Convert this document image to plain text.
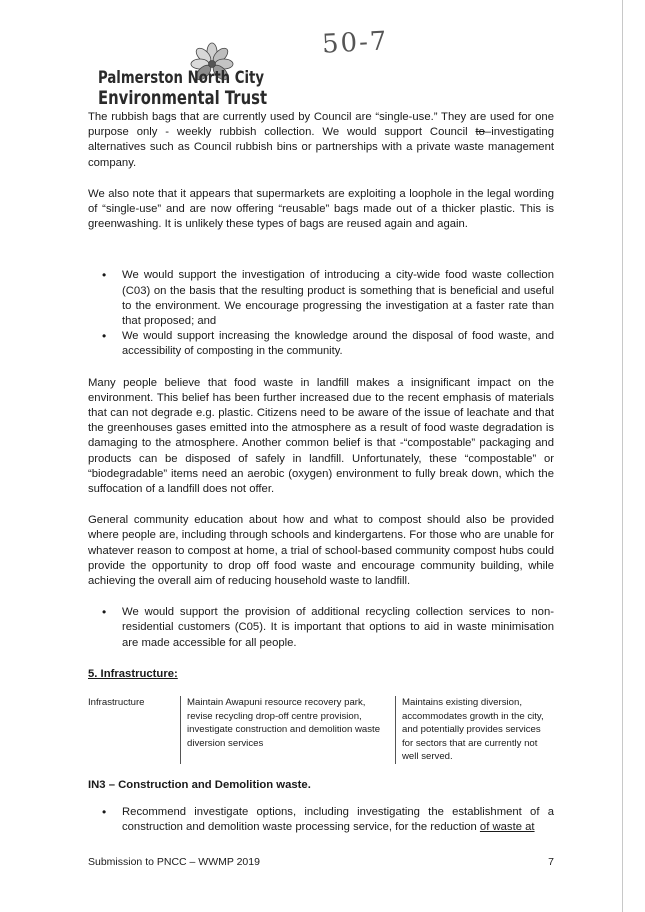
50-7
Palmerston North City
Environmental Trust

The rubbish bags that are currently used by Council are “single-use.” They are used for one purpose only - weekly rubbish collection. We would support Council to–investigating alternatives such as Council rubbish bins or partnerships with a private waste management company.

We also note that it appears that supermarkets are exploiting a loophole in the legal wording of “single-use” and are now offering “reusable” bags made out of a thicker plastic. This is greenwashing. It is unlikely these types of bags are reused again and again.

• We would support the investigation of introducing a city-wide food waste collection (C03) on the basis that the resulting product is something that is beneficial and useful to the environment. We encourage progressing the investigation at a faster rate than that proposed; and
• We would support increasing the knowledge around the disposal of food waste, and accessibility of composting in the community.

Many people believe that food waste in landfill makes a insignificant impact on the environment. This belief has been further increased due to the recent emphasis of materials that can not degrade e.g. plastic. Citizens need to be aware of the issue of leachate and that the greenhouses gases emitted into the atmosphere as a result of food waste degradation is damaging to the atmosphere. Another common belief is that -“compostable” packaging and products can be disposed of safely in landfill. Unfortunately, these “compostable” or “biodegradable” items need an aerobic (oxygen) environment to fully break down, which the suffocation of a landfill does not offer.

General community education about how and what to compost should also be provided where people are, including through schools and kindergartens. For those who are unable for whatever reason to compost at home, a trial of school-based community compost hubs could provide the opportunity to drop off food waste and encourage community building, while achieving the overall aim of reducing household waste to landfill.

• We would support the provision of additional recycling collection services to non-residential customers (C05). It is important that options to aid in waste minimisation are made accessible for all people.
5. Infrastructure:
Infrastructure	Maintain Awapuni resource recovery park, revise recycling drop-off centre provision, investigate construction and demolition waste diversion services
Maintains existing diversion, accommodates growth in the city, and potentially provides services for sectors that are currently not well served.
IN3 – Construction and Demolition waste.
• Recommend investigate options, including investigating the establishment of a construction and demolition waste processing service, for the reduction of waste at
Submission to PNCC – WWMP 2019	7
